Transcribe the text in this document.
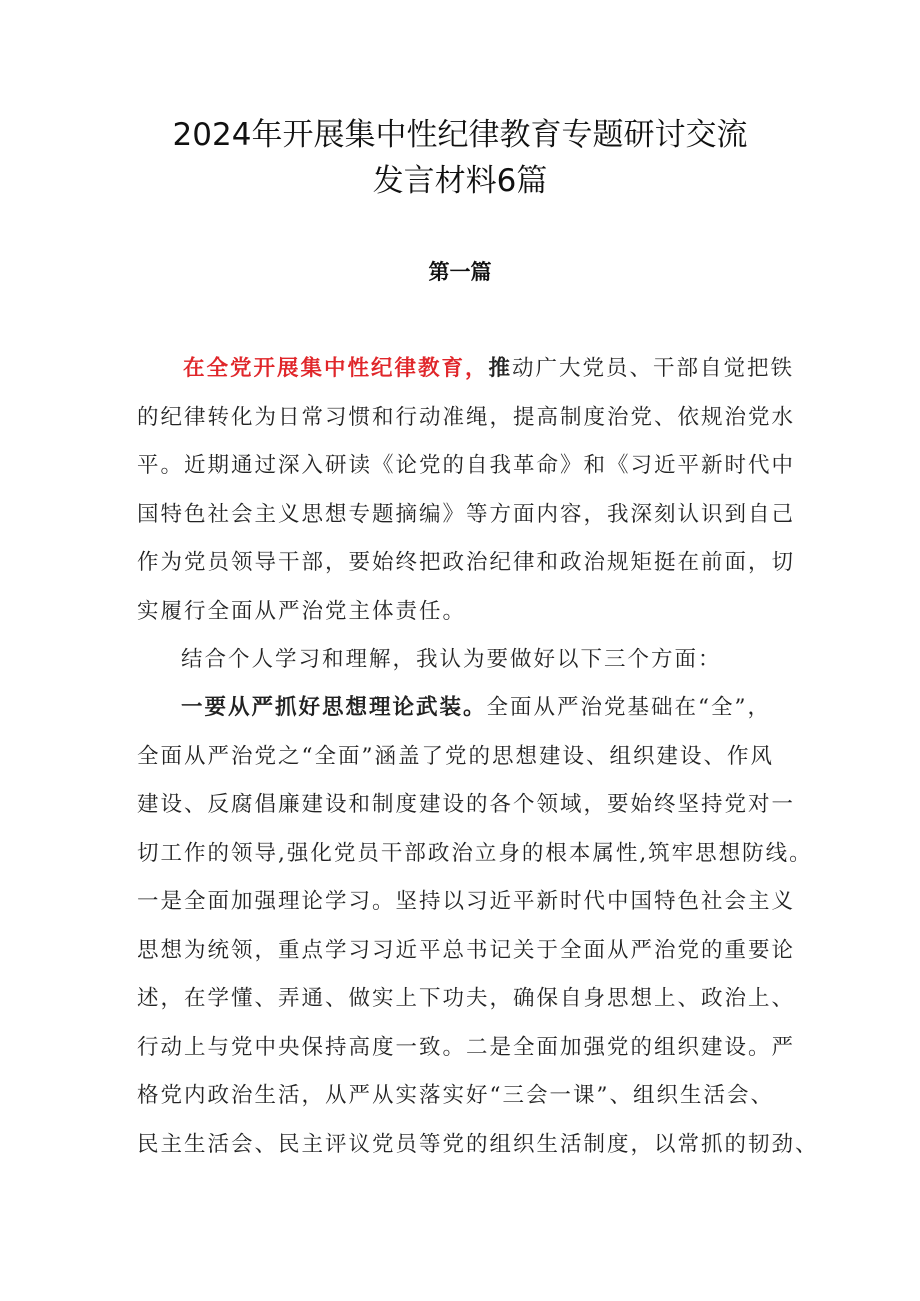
2024年开展集中性纪律教育专题研讨交流
发言材料6篇
第一篇
在全党开展集中性纪律教育，推动广大党员、干部自觉把铁
的纪律转化为日常习惯和行动准绳，提高制度治党、依规治党水
平。近期通过深入研读《论党的自我革命》和《习近平新时代中
国特色社会主义思想专题摘编》等方面内容，我深刻认识到自己
作为党员领导干部，要始终把政治纪律和政治规矩挺在前面，切
实履行全面从严治党主体责任。
结合个人学习和理解，我认为要做好以下三个方面：
一要从严抓好思想理论武装。全面从严治党基础在“全”，
全面从严治党之“全面”涵盖了党的思想建设、组织建设、作风
建设、反腐倡廉建设和制度建设的各个领域，要始终坚持党对一
切工作的领导,强化党员干部政治立身的根本属性,筑牢思想防线。
一是全面加强理论学习。坚持以习近平新时代中国特色社会主义
思想为统领，重点学习习近平总书记关于全面从严治党的重要论
述，在学懂、弄通、做实上下功夫，确保自身思想上、政治上、
行动上与党中央保持高度一致。二是全面加强党的组织建设。严
格党内政治生活，从严从实落实好“三会一课”、组织生活会、
民主生活会、民主评议党员等党的组织生活制度，以常抓的韧劲、
